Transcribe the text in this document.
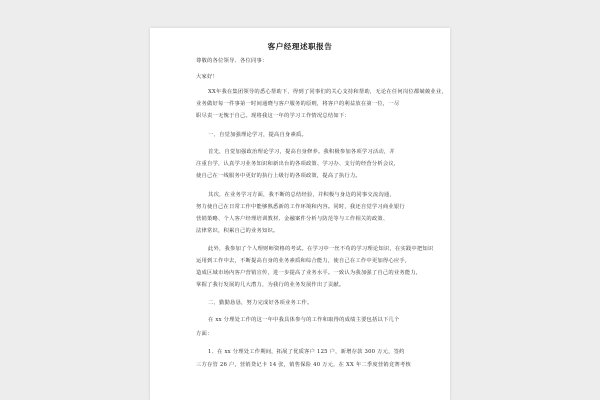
客户经理述职报告
尊敬的各位领导、各位同事：
大家好！
XX年我在集团领导的悉心帮助下，得到了同事们的关心支持和帮助，无论在任何岗位都兢兢业业，
业务做好每一件事第一时间通晓与客户服务的原则，将客户的利益放在第一位，一尽
职尽责一无愧于自己。现将我这一年的学习工作情况总结如下：
一、自觉加强理论学习，提高自身素质。
首先，自觉加强政治理论学习，提高自身修养。我积极参加各项学习活动，并
注重自学，认真学习业务知识和新出台的各项政策、学习办、支行的经营分析会议，
使自己在一线服务中更好的执行上级行的各项政策，提高了执行力。
其次，在业务学习方面，我不断的总结经验，并积极与身边的同事交流沟通，
努力使自己在日常工作中能够熟悉新的工作环境和内容。同时，我还自觉学习商业银行
营销策略、个人客户经理培训教材、金融案件分析与防范等与工作相关的政策、
法律常识，积累自己的业务知识。
此外，我参加了个人理财师资格的考试。在学习中一丝不苟的学习理论知识，在实践中把知识
运用到工作中去，不断提高自身的业务素质和综合能力，使自己在工作中更加得心应手，
造成区域市场内客户营销宣传，进一步提高了业务水平。一致认为我加强了自己的业务能力，
掌握了我行发展的几大潜力，为我行的业务发展作出了贡献。
二、勤勤恳恳，努力完成好各项业务工作。
在 xx 分理处工作的这一年中我具体参与的工作和取得的成绩主要包括以下几个
方面：
1、在 xx 分理处工作期间，拓展了优质客户 125 户，新增存款 300 万元，签约
三方存管 26 户，营销贷记卡 14 张，销售保险 40 万元，在 XX 年二季度营销竞赛考核
